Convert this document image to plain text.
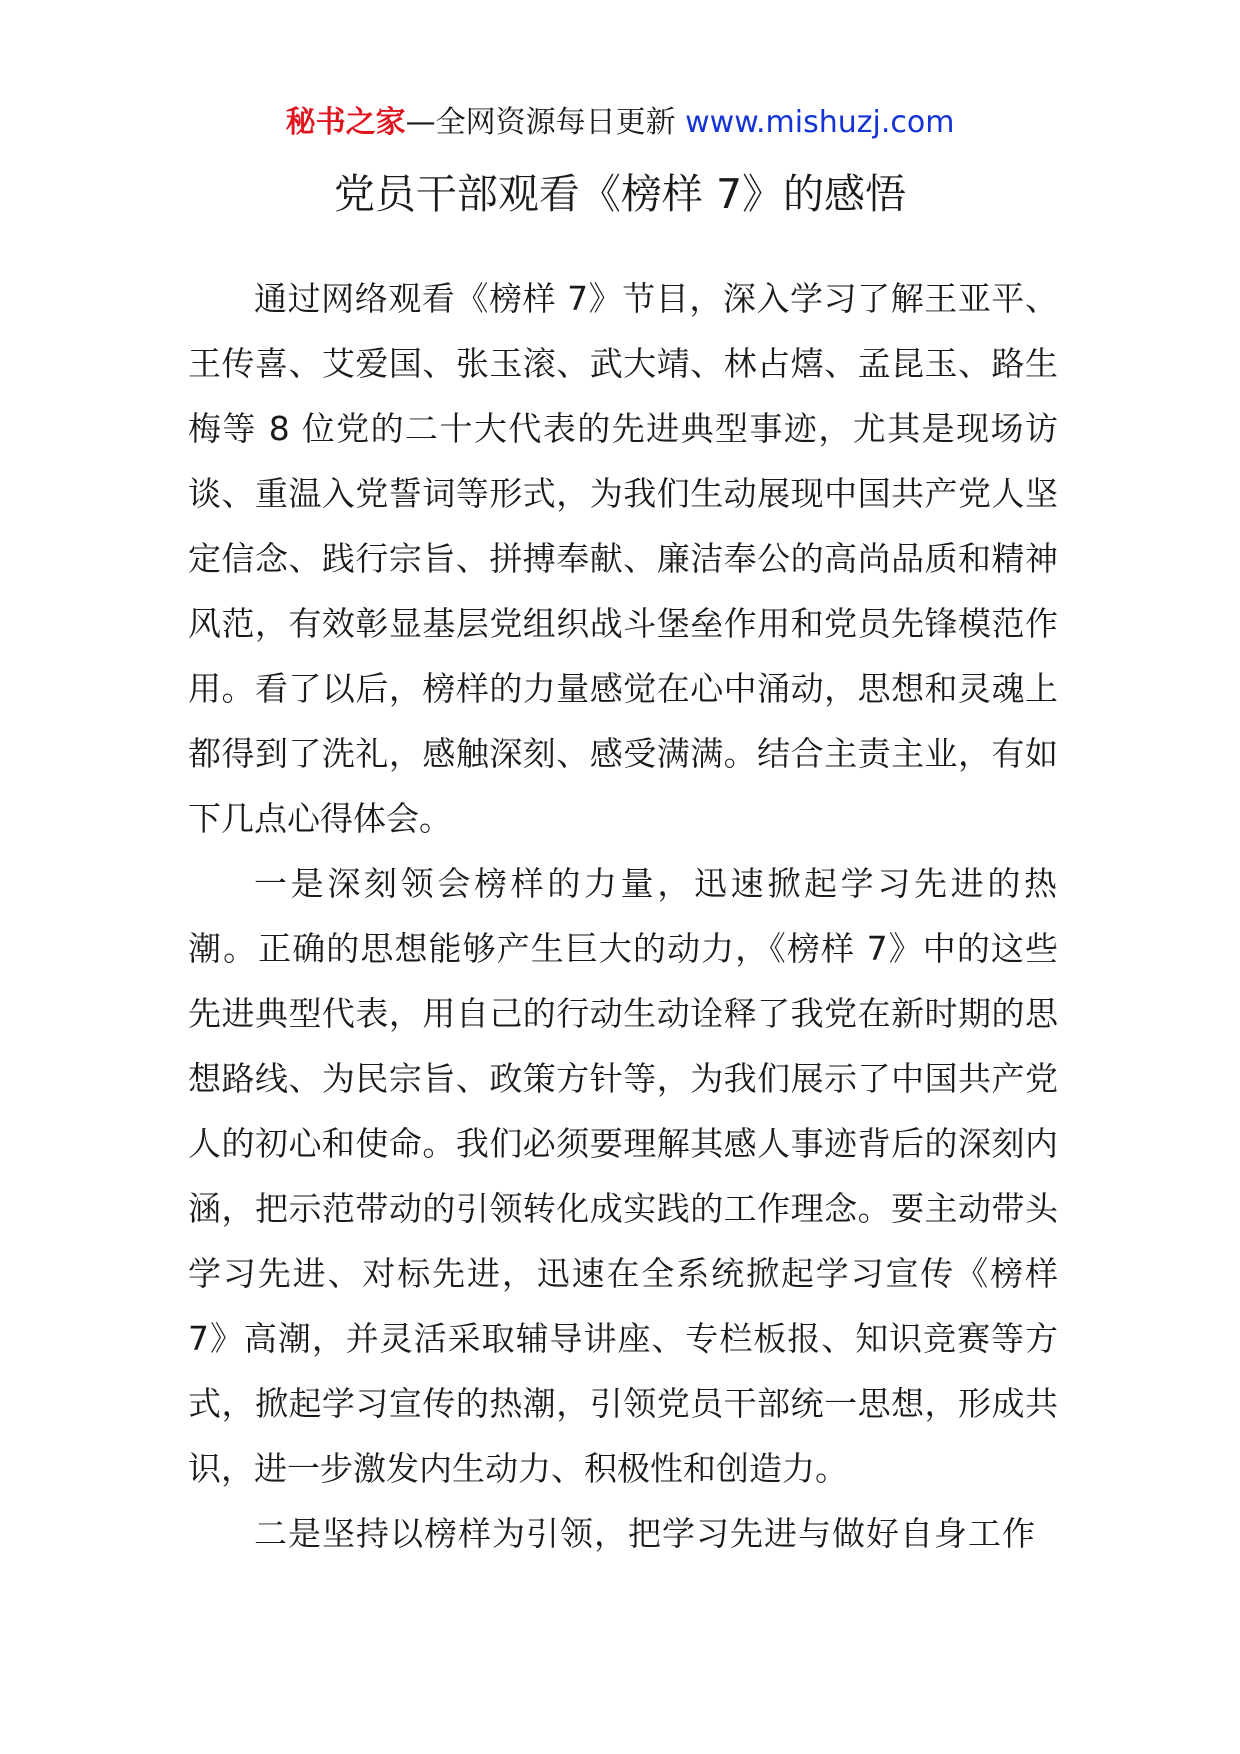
秘书之家—全网资源每日更新 www.mishuzj.com
党员干部观看《榜样 7》的感悟

通过网络观看《榜样 7》节目，深入学习了解王亚平、王传喜、艾爱国、张玉滚、武大靖、林占熺、孟昆玉、路生梅等 8 位党的二十大代表的先进典型事迹，尤其是现场访谈、重温入党誓词等形式，为我们生动展现中国共产党人坚定信念、践行宗旨、拼搏奉献、廉洁奉公的高尚品质和精神风范，有效彰显基层党组织战斗堡垒作用和党员先锋模范作用。看了以后，榜样的力量感觉在心中涌动，思想和灵魂上都得到了洗礼，感触深刻、感受满满。结合主责主业，有如下几点心得体会。

一是深刻领会榜样的力量，迅速掀起学习先进的热潮。正确的思想能够产生巨大的动力，《榜样 7》中的这些先进典型代表，用自己的行动生动诠释了我党在新时期的思想路线、为民宗旨、政策方针等，为我们展示了中国共产党人的初心和使命。我们必须要理解其感人事迹背后的深刻内涵，把示范带动的引领转化成实践的工作理念。要主动带头学习先进、对标先进，迅速在全系统掀起学习宣传《榜样 7》高潮，并灵活采取辅导讲座、专栏板报、知识竞赛等方式，掀起学习宣传的热潮，引领党员干部统一思想，形成共识，进一步激发内生动力、积极性和创造力。

二是坚持以榜样为引领，把学习先进与做好自身工作
